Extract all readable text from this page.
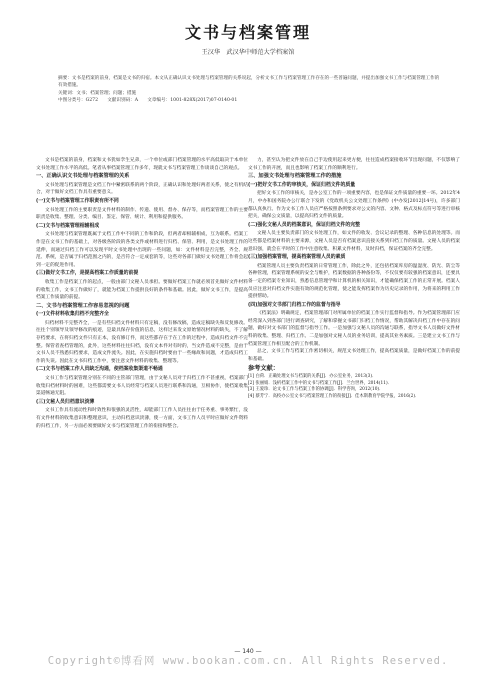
文书与档案管理
王汉华　武汉华中师范大学档案馆

摘要：文书是档案的前身，档案是文书的归宿。本文从正确认识文书处理与档案管理的关系说起，分析文书工作与档案管理工作存在的一些普遍问题，并提出加强文书工作与档案管理工作的有效措施。

关键词：文书；档案管理；问题；措施

中图分类号：G272　　文献识别码：A　　文章编号：1001-828X(2017)07-0140-01

文书是档案的前身，档案和文书犹如孪生兄弟，一个单位或部门档案管理的水平高低取决于本单位文书处理工作水平的高低。笔者从事档案管理工作多年，现就文书与档案管理工作谈谈自己的观点。

一、正确认识文书处理与档案管理的关系

文书处理与档案管理是文档工作中紧密联系的两个阶段，正确认识和处理好两者关系，使之有机结合，对于做好文档工作具有重要意义。

(一)文书与档案管理工作职责有所不同

文书处理工作的主要职责是文件材料的制作、传递、使用、督办、保存等，而档案管理工作的主要职责是收集、整理、分类、编目、鉴定、保管、统计、利用和提供服务。

(二)文书与档案管理相辅相成

文书处理与档案管理既属于文档工作中不同的工作和阶段，但两者却相辅相成，互为联系。档案工作是在文书工作的基础上，对各级各阶段的各类文件或材料进行归档、保管、利用，是文书处理工作的延伸，而通过归档工作可以发现平时文书处理中出现的一些问题，如：文件材料是否完整，齐全、规范、系统，是否属于归档范围之内的，是否符合一定成套的等，这些对各部门做好文书处理工作将会起到一定的促进作用。

(三)做好文书工作，是提高档案工作质量的前提

收集工作是档案工作的起点，一般由部门文秘人员承担。要做好档案工作就必须首先做好文件材料的收集工作，文书工作做好了，就能为档案工作提供良好的条件和基础。因此，做好文书工作，是提高档案工作质量的前提。

二、文书与档案管理工作容易忽视的问题
(一)文件材料收集归档不完整齐全

归档材料不完整齐全，一是有些归档文件材料只有定稿，没有修改稿，造成定稿缺失和反复修改。往往个别领导及领导修改的痕迹，是最具保存价值的信息，这样过来发文原始情况材料的缺失，不了解存档要求，在将归档文件只有正本，没有修订件，而这些都存在于在工作的过程中，造成归档文件不完整。保管者查档管理的，此外，这些材料往往归档，没有文本件对有时的，当文件造成不完整，是由于文书人员不熟悉归档要求，造成文件流失。因此，在实施归档时要由于一些缘故和问题，才造成归档工作的失误。因此在文书归档工作中，要注意文件材料的收集、整理等。

(二)文书与档案工作人员缺乏沟通，使档案收集渠道不畅通

文书工作与档案管理分别在不同的主管部门管理，由于文秘人员对于归档工作不甚重视，档案部门收集归档材料时的困难，这些都需要文书人员经常与档案人员进行联系和沟通，互相协作，使档案收集渠道畅通无阻。

(三)文秘人员归档意识淡薄

文书工作具有流动性和时效性和很强的灵活性，却能部门工作人员往往由于任务重、事务繁忙，没有文件材料的收集意识和整理意识，主动归档意识淡薄，使一方面，文书工作人员平时应做好文件资料的归档工作，另一方面必须要做好文书与档案管理工作的衔接和整合。

力，甚至认为把文件放在自己手边使用起来更方便，往往造成档案接收环节出现问题，不仅影响了文书工作的开展，而且也影响了档案工作的顺利进行。

三、加强文书处理与档案管理工作的措施
(一)把好文书工作的审核关，保证归档文件的质量

把好文书工作的审核关，是办公室工作的一项重要内容，也是保证文件质量的重要一环。2012年4月，中办和国务院办公厅联合下发的《党政机关公文处理工作条例》(中办发[2012]14号)，许多部门都认真执行。作为文书工作人员应严格按照条例要求对公文的内容、文种、格式及标点符号等进行审核把关，确保公文质量，以提高归档文件的质量。

(二)强化文秘人员的档案意识，保证归档文件的完整

文秘人员主要负责部门的文书处理工作，如文件的收发、会议记录的整理、各种信息的处理等。而这些都是档案材料的主要来源，文秘人员是否有档案意识直接关系到归档工作的质量。文秘人员的档案意识强，就会在平时的工作中注意收集、积累文件材料，及时归档，保证档案的齐全完整。

(三)加强档案管理，提高档案管理人员的素质

档案管理人员主要负责档案的日常管理工作，除此之外，还包括档案库房的温湿度、防光、防尘等各种管理，档案管理系统的安全与维护，档案数据的各种备份等，不仅仅要有较强的档案意识，还要具备一定的档案专业知识，熟悉信息管理学和计算机的相关知识，才能确保档案工作的正常开展。档案人员应注意对归档文件实施有效的规范化管理，使之能发挥档案作为历史记录的作用，为将来的利用工作提供帮助。

(四)加强对文书部门归档工作的监督与指导

《档案法》明确规定，档案管理部门对所属单位的档案工作实行监督和指导。作为档案管理部门应经常深入到各部门进行调查研究，了解和掌握文书部门归档工作情况，帮助其解决归档工作中存在的问题，做好对文书部门的监督与指导工作。一是加强与文秘人员的沟通与联系，指导文书人员做好文件材料的收集、整理、归档工作。二是加强对文秘人员的业务培训，提高其业务素质。三是建立文书工作与档案管理工作相互配合的工作机制。

总之，文书工作与档案工作密切相关，规范文书处理工作，提高档案质量，是做好档案工作的前提和基础。

参考文献：

[1] 白荷．正确处理文书与档案的关系[J]．办公室业务，2013(3)．

[2] 张丽娟．浅析档案工作中的文书与档案工作[J]．兰台世界，2014(11)．

[3] 王爱珍．论文书工作与档案工作的协调[J]．科学咨询，2012(10)．

[4] 蔡芳宁．高校办公室文书与档案管理工作的衔接[J]．佳木斯教育学院学报，2016(2)．

— 140 —
Copyright©博看网 www.bookan.com.cn. All Rights Reserved.
